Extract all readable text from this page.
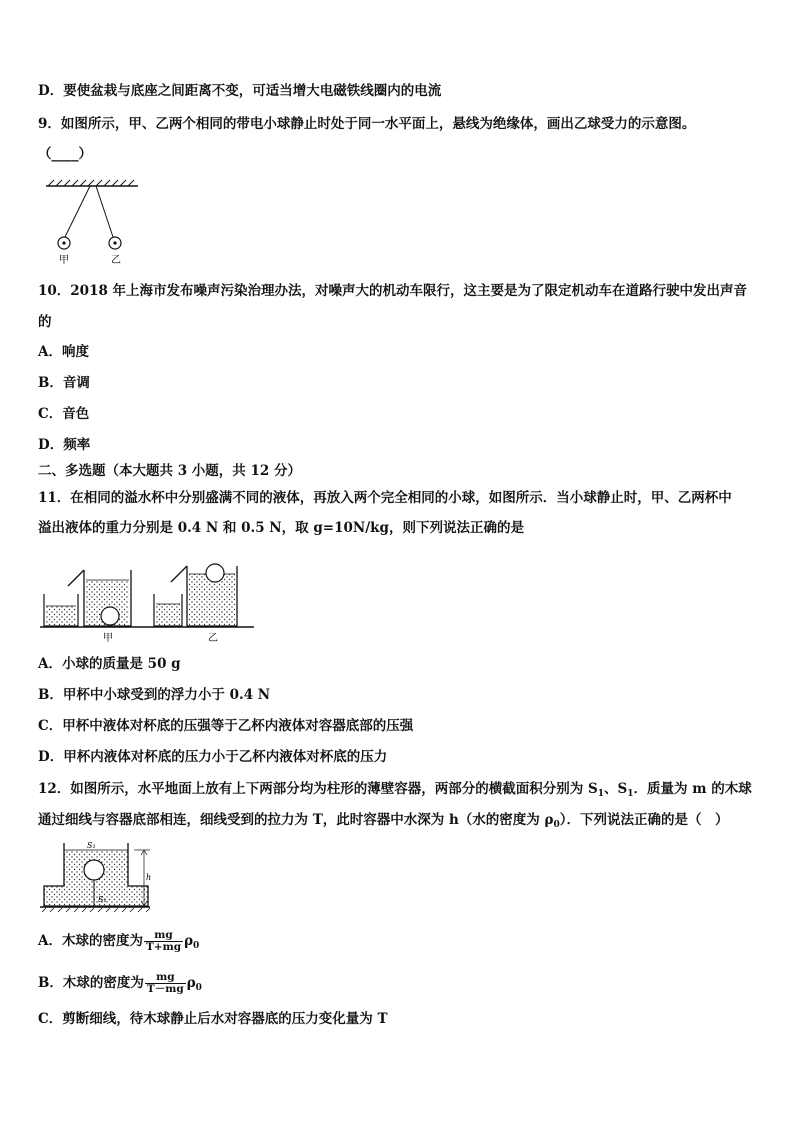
D．要使盆栽与底座之间距离不变，可适当增大电磁铁线圈内的电流
9．如图所示，甲、乙两个相同的带电小球静止时处于同一水平面上，悬线为绝缘体，画出乙球受力的示意图。
（____）
甲	乙
10．2018 年上海市发布噪声污染治理办法，对噪声大的机动车限行，这主要是为了限定机动车在道路行驶中发出声音
的
A．响度
B．音调
C．音色
D．频率
二、多选题（本大题共 3 小题，共 12 分）
11．在相同的溢水杯中分别盛满不同的液体，再放入两个完全相同的小球，如图所示．当小球静止时，甲、乙两杯中
溢出液体的重力分别是 0.4 N 和 0.5 N，取 g=10N/kg，则下列说法正确的是
甲	乙
A．小球的质量是 50 g
B．甲杯中小球受到的浮力小于 0.4 N
C．甲杯中液体对杯底的压强等于乙杯内液体对容器底部的压强
D．甲杯内液体对杯底的压力小于乙杯内液体对杯底的压力
12．如图所示，水平地面上放有上下两部分均为柱形的薄壁容器，两部分的横截面积分别为 $S_1$、$S_1$．质量为 m 的木球
通过细线与容器底部相连，细线受到的拉力为 T，此时容器中水深为 h（水的密度为 $\rho_0$）．下列说法正确的是（　）
S₁
S₁
h
A．木球的密度为 $\frac{mg}{T+mg} \rho_0$
B．木球的密度为 $\frac{mg}{T-mg} \rho_0$
C．剪断细线，待木球静止后水对容器底的压力变化量为 T
